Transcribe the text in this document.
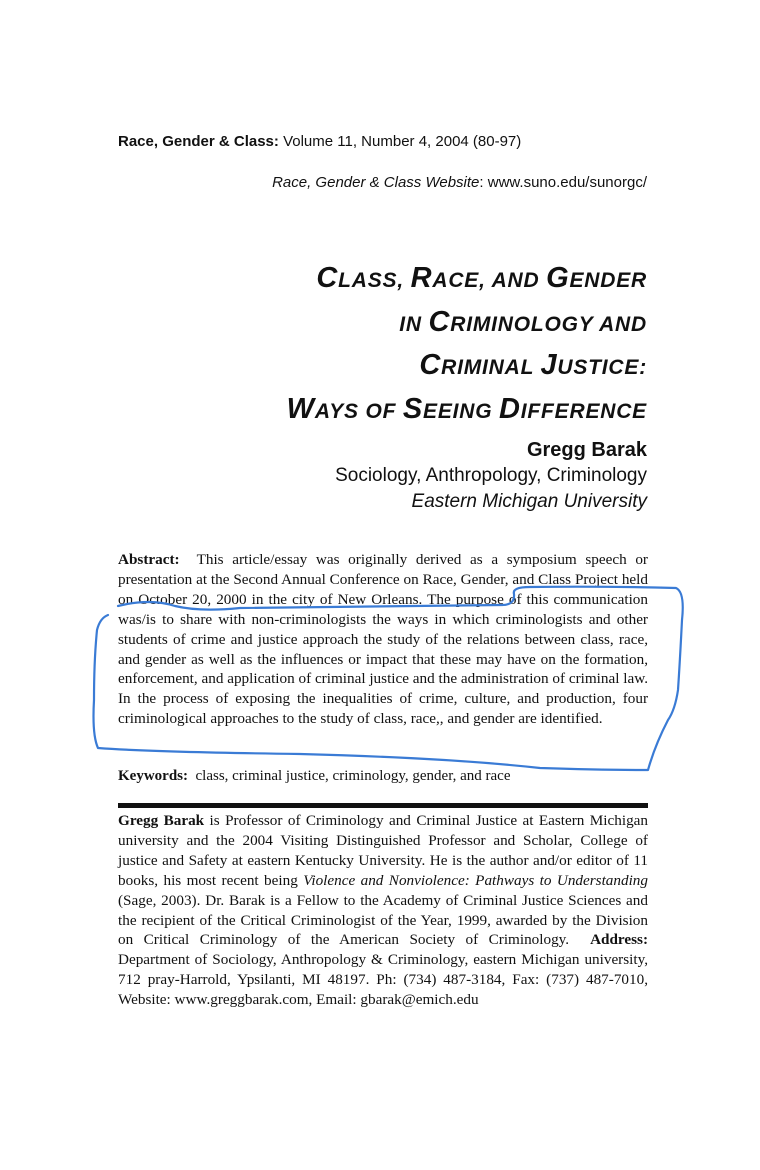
Race, Gender & Class: Volume 11, Number 4, 2004 (80-97)
Race, Gender & Class Website: www.suno.edu/sunorgc/
CLASS, RACE, AND GENDER
IN CRIMINOLOGY AND
CRIMINAL JUSTICE:
WAYS OF SEEING DIFFERENCE
Gregg Barak
Sociology, Anthropology, Criminology
Eastern Michigan University

Abstract: This article/essay was originally derived as a symposium speech or presentation at the Second Annual Conference on Race, Gender, and Class Project held on October 20, 2000 in the city of New Orleans. The purpose of this communication was/is to share with non-criminologists the ways in which criminologists and other students of crime and justice approach the study of the relations between class, race, and gender as well as the influences or impact that these may have on the formation, enforcement, and application of criminal justice and the administration of criminal law. In the process of exposing the inequalities of crime, culture, and production, four criminological approaches to the study of class, race,, and gender are identified.

Keywords: class, criminal justice, criminology, gender, and race

Gregg Barak is Professor of Criminology and Criminal Justice at Eastern Michigan university and the 2004 Visiting Distinguished Professor and Scholar, College of justice and Safety at eastern Kentucky University. He is the author and/or editor of 11 books, his most recent being Violence and Nonviolence: Pathways to Understanding (Sage, 2003). Dr. Barak is a Fellow to the Academy of Criminal Justice Sciences and the recipient of the Critical Criminologist of the Year, 1999, awarded by the Division on Critical Criminology of the American Society of Criminology. Address: Department of Sociology, Anthropology & Criminology, eastern Michigan university, 712 pray-Harrold, Ypsilanti, MI 48197. Ph: (734) 487-3184, Fax: (737) 487-7010, Website: www.greggbarak.com, Email: gbarak@emich.edu
